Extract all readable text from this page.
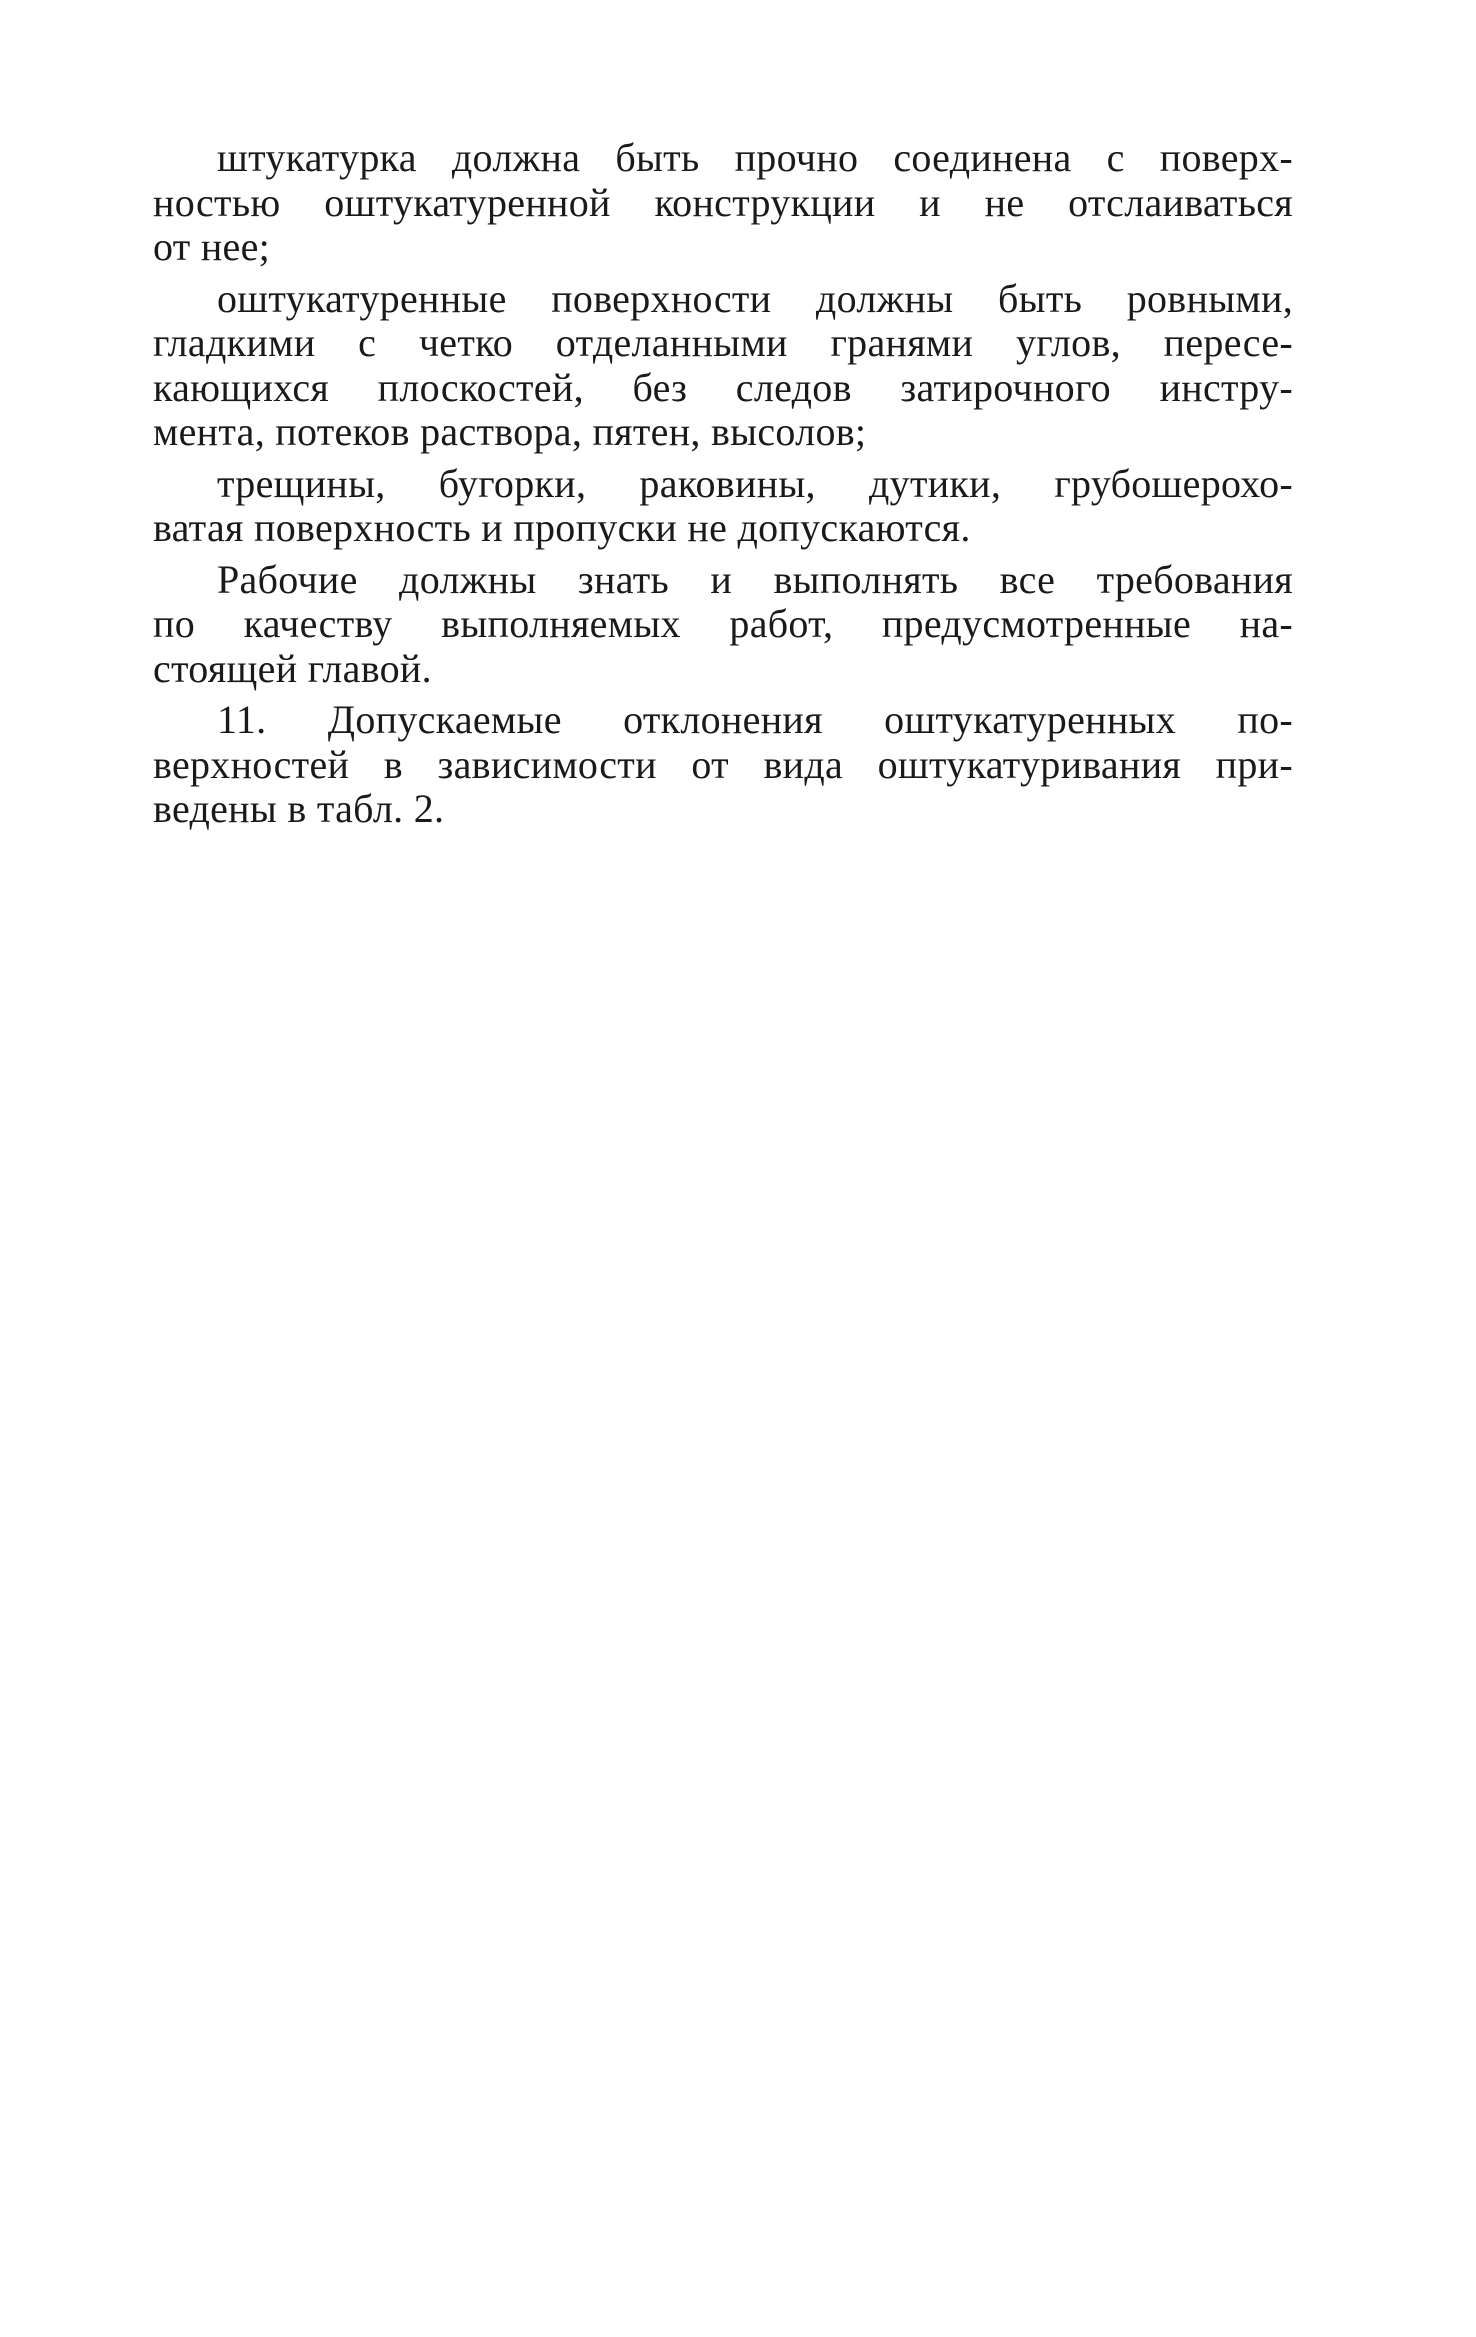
штукатурка должна быть прочно соединена с поверх-
ностью оштукатуренной конструкции и не отслаиваться
от нее;

оштукатуренные поверхности должны быть ровными,
гладкими с четко отделанными гранями углов, пересе-
кающихся плоскостей, без следов затирочного инстру-
мента, потеков раствора, пятен, высолов;

трещины, бугорки, раковины, дутики, грубошерохо-
ватая поверхность и пропуски не допускаются.

Рабочие должны знать и выполнять все требования
по качеству выполняемых работ, предусмотренные на-
стоящей главой.

11. Допускаемые отклонения оштукатуренных по-
верхностей в зависимости от вида оштукатуривания при-
ведены в табл. 2.
